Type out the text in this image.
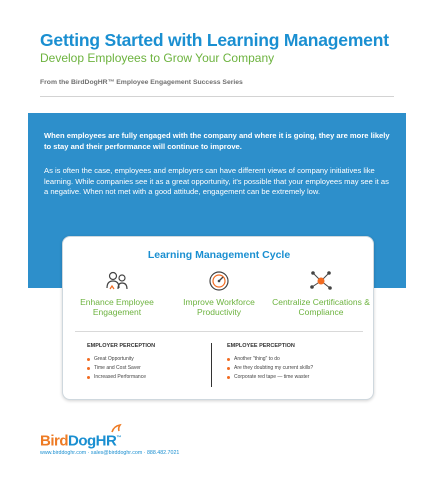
Getting Started with Learning Management
Develop Employees to Grow Your Company
From the BirdDogHR™ Employee Engagement Success Series

When employees are fully engaged with the company and where it is going, they are more likely to stay and their performance will continue to improve.

As is often the case, employees and employers can have different views of company initiatives like learning. While companies see it as a great opportunity, it's possible that your employees may see it as a negative. When not met with a good attitude, engagement can be extremely low.

Learning Management Cycle
Enhance Employee Engagement
Improve Workforce Productivity
Centralize Certifications & Compliance
EMPLOYER PERCEPTION
Great Opportunity
Time and Cost Saver
Increased Performance
EMPLOYEE PERCEPTION
Another "thing" to do
Are they doubting my current skills?
Corporate red tape — time waster
BirdDogHR™
www.birddoghr.com · sales@birddoghr.com · 888.482.7021
